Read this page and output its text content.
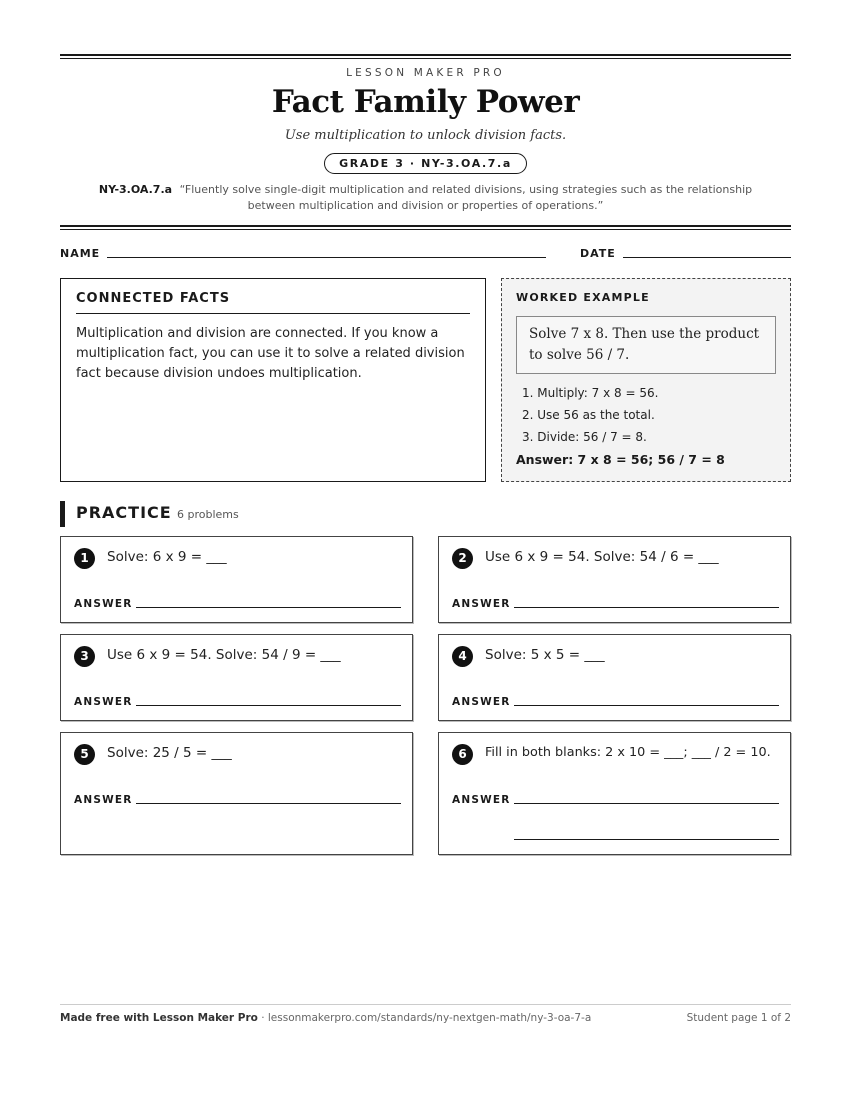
LESSON MAKER PRO
Fact Family Power
Use multiplication to unlock division facts.
GRADE 3 · NY-3.OA.7.a
NY-3.OA.7.a “Fluently solve single-digit multiplication and related divisions, using strategies such as the relationship between multiplication and division or properties of operations.”
NAME	DATE
CONNECTED FACTS

Multiplication and division are connected. If you know a multiplication fact, you can use it to solve a related division fact because division undoes multiplication.

WORKED EXAMPLE
Solve 7 x 8. Then use the product to solve 56 / 7.
1. Multiply: 7 x 8 = 56.
2. Use 56 as the total.
3. Divide: 56 / 7 = 8.
Answer: 7 x 8 = 56; 56 / 7 = 8
PRACTICE 6 problems
1	Solve: 6 x 9 = ___
ANSWER
2	Use 6 x 9 = 54. Solve: 54 / 6 = ___
ANSWER
3	Use 6 x 9 = 54. Solve: 54 / 9 = ___
ANSWER
4	Solve: 5 x 5 = ___
ANSWER
5	Solve: 25 / 5 = ___
ANSWER
6	Fill in both blanks: 2 x 10 = ___; ___ / 2 = 10.
ANSWER
Made free with Lesson Maker Pro · lessonmakerpro.com/standards/ny-nextgen-math/ny-3-oa-7-a	Student page 1 of 2
